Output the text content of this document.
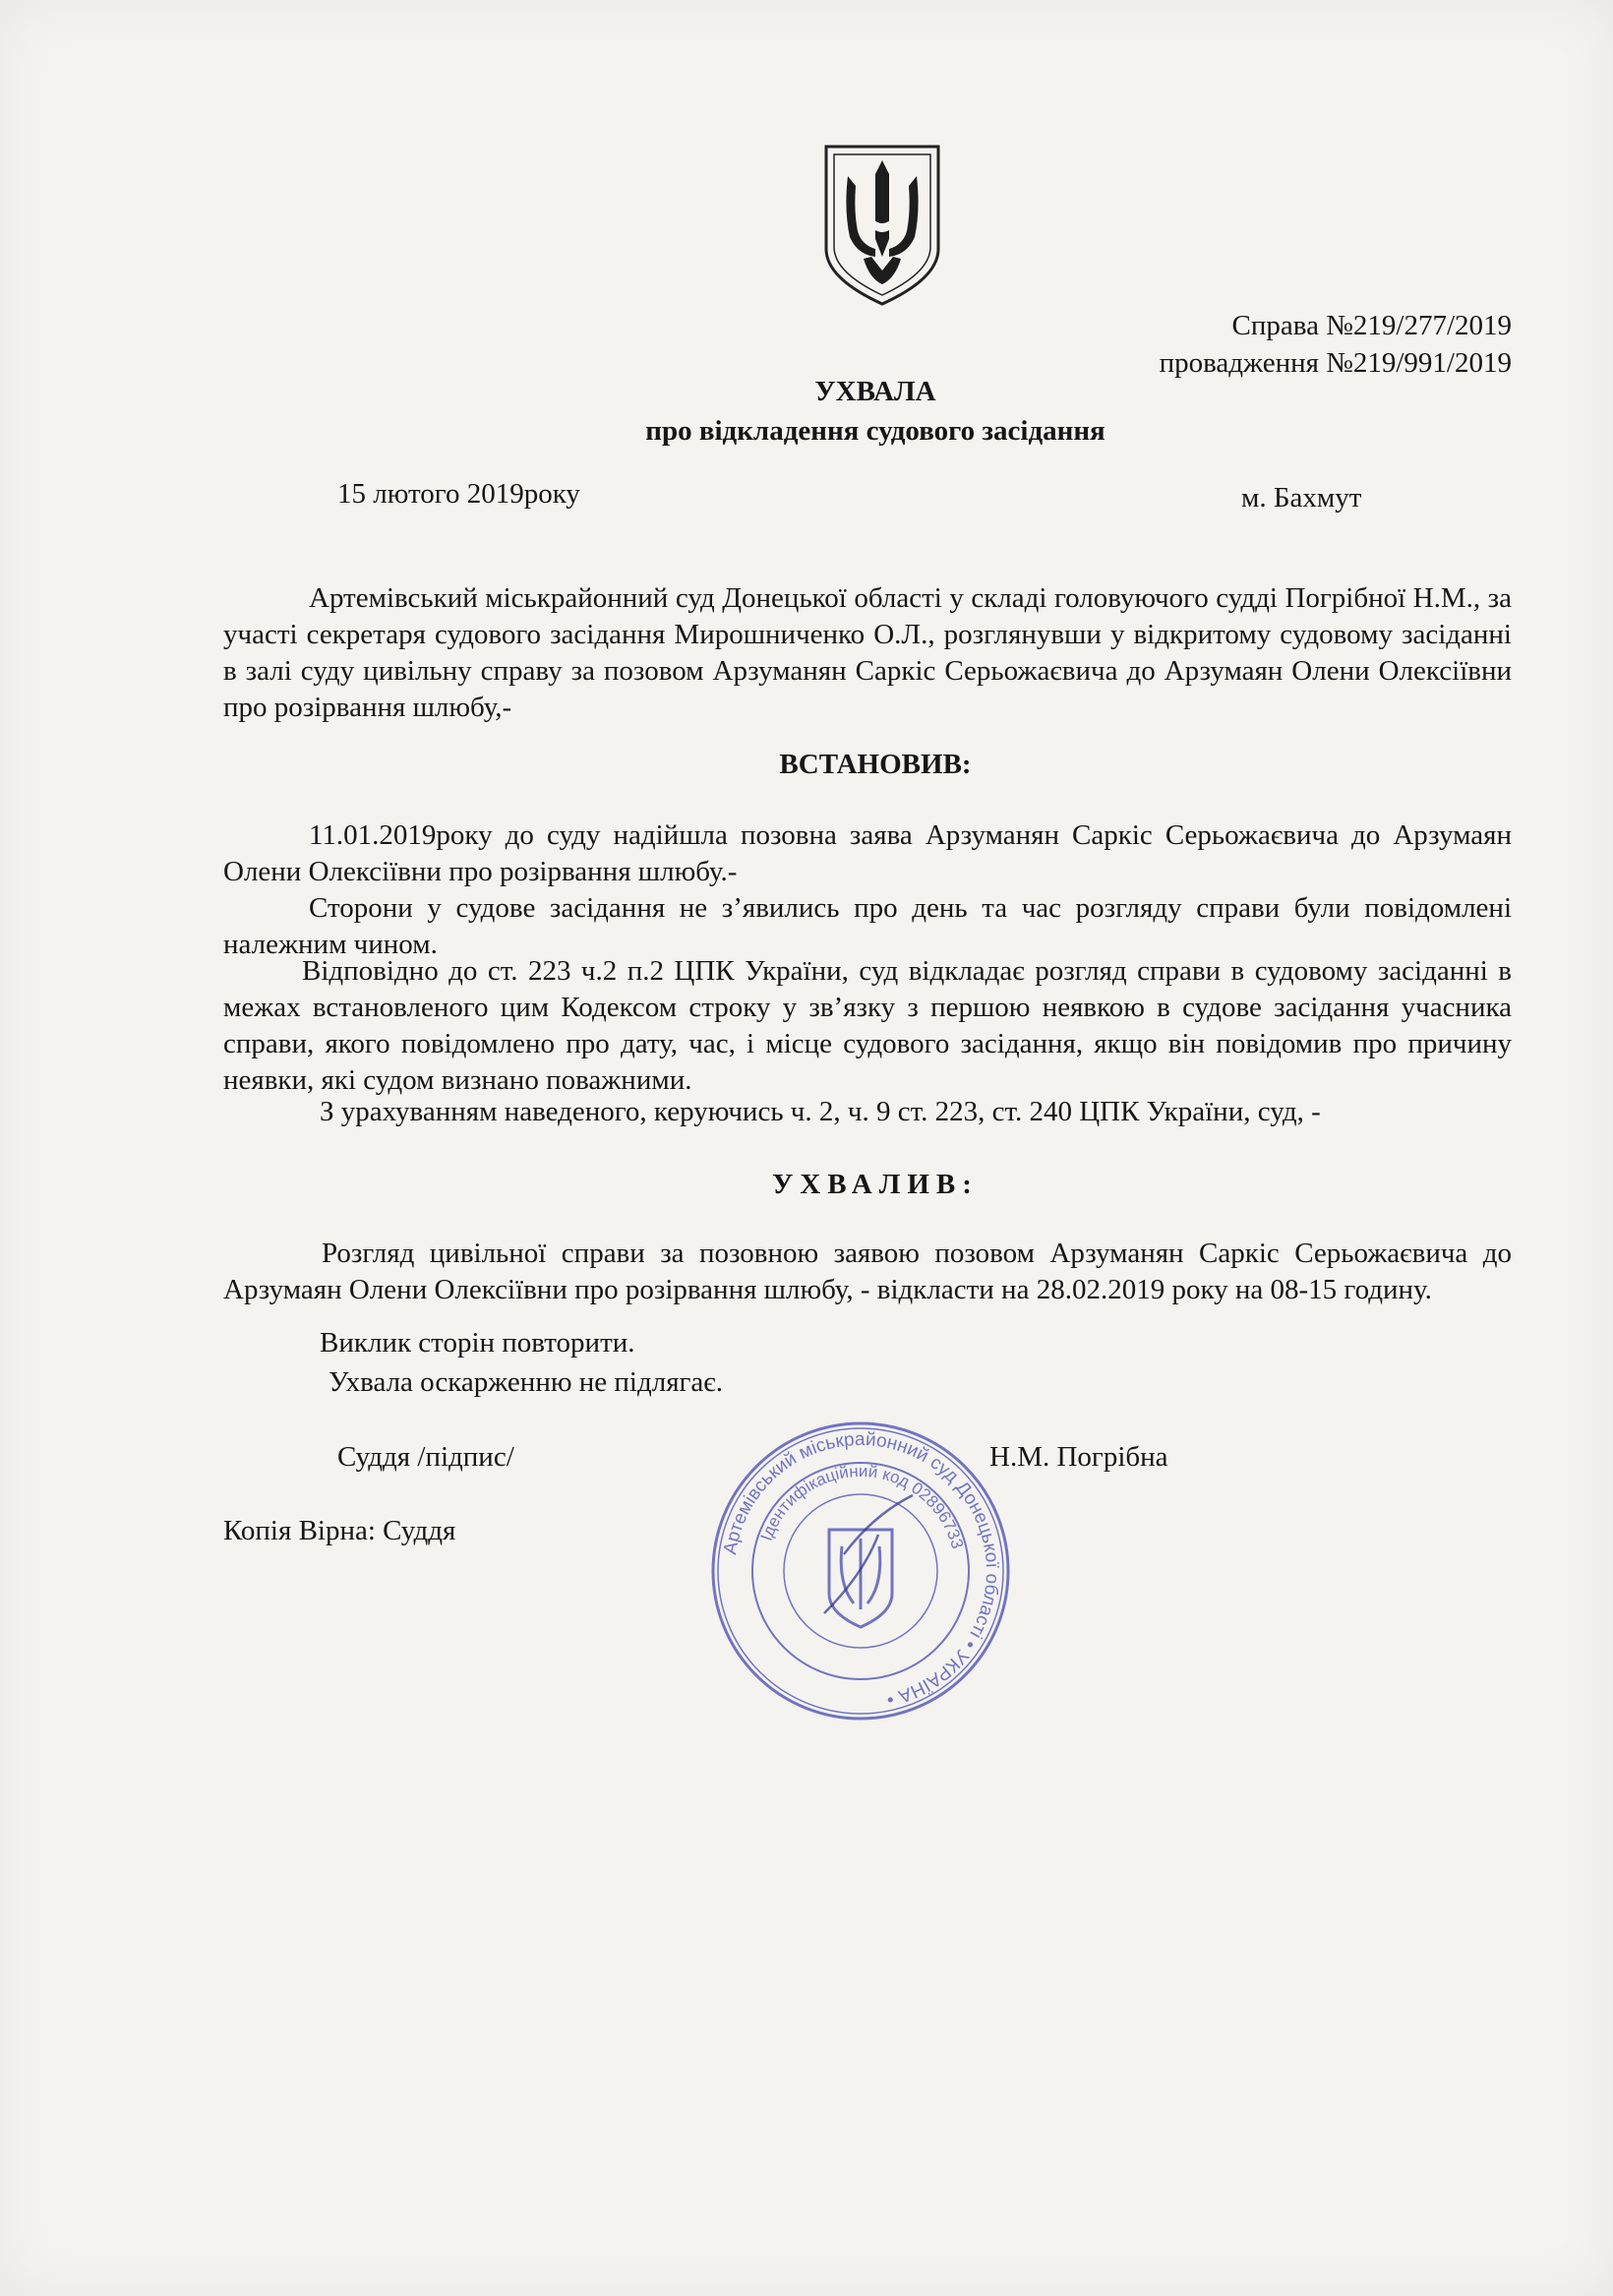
Справа №219/277/2019
провадження №219/991/2019
УХВАЛА
про відкладення судового засідання
15 лютого 2019року	м. Бахмут
Артемівський міськрайонний суд Донецької області у складі головуючого судді Погрібної Н.М., за участі секретаря судового засідання Мирошниченко О.Л., розглянувши у відкритому судовому засіданні в залі суду цивільну справу за позовом Арзуманян Саркіс Серьожаєвича до Арзумаян Олени Олексіївни про розірвання шлюбу,-
ВСТАНОВИВ:
11.01.2019року до суду надійшла позовна заява Арзуманян Саркіс Серьожаєвича до Арзумаян Олени Олексіївни про розірвання шлюбу.-
Сторони у судове засідання не з’явились про день та час розгляду справи були повідомлені належним чином.
Відповідно до ст. 223 ч.2 п.2 ЦПК України, суд відкладає розгляд справи в судовому засіданні в межах встановленого цим Кодексом строку у зв’язку з першою неявкою в судове засідання учасника справи, якого повідомлено про дату, час, і місце судового засідання, якщо він повідомив про причину неявки, які судом визнано поважними.
З урахуванням наведеного, керуючись ч. 2, ч. 9 ст. 223, ст. 240 ЦПК України, суд, -
УХВАЛИВ:
Розгляд цивільної справи за позовною заявою позовом Арзуманян Саркіс Серьожаєвича до Арзумаян Олени Олексіївни про розірвання шлюбу, - відкласти на 28.02.2019 року на 08-15 годину.
Виклик сторін повторити.
Ухвала оскарженню не підлягає.
Суддя /підпис/	Н.М. Погрібна
Копія Вірна: Суддя
Артемівський міськрайонний суд Донецької області • УКРАЇНА •
Ідентифікаційний код 02896733
